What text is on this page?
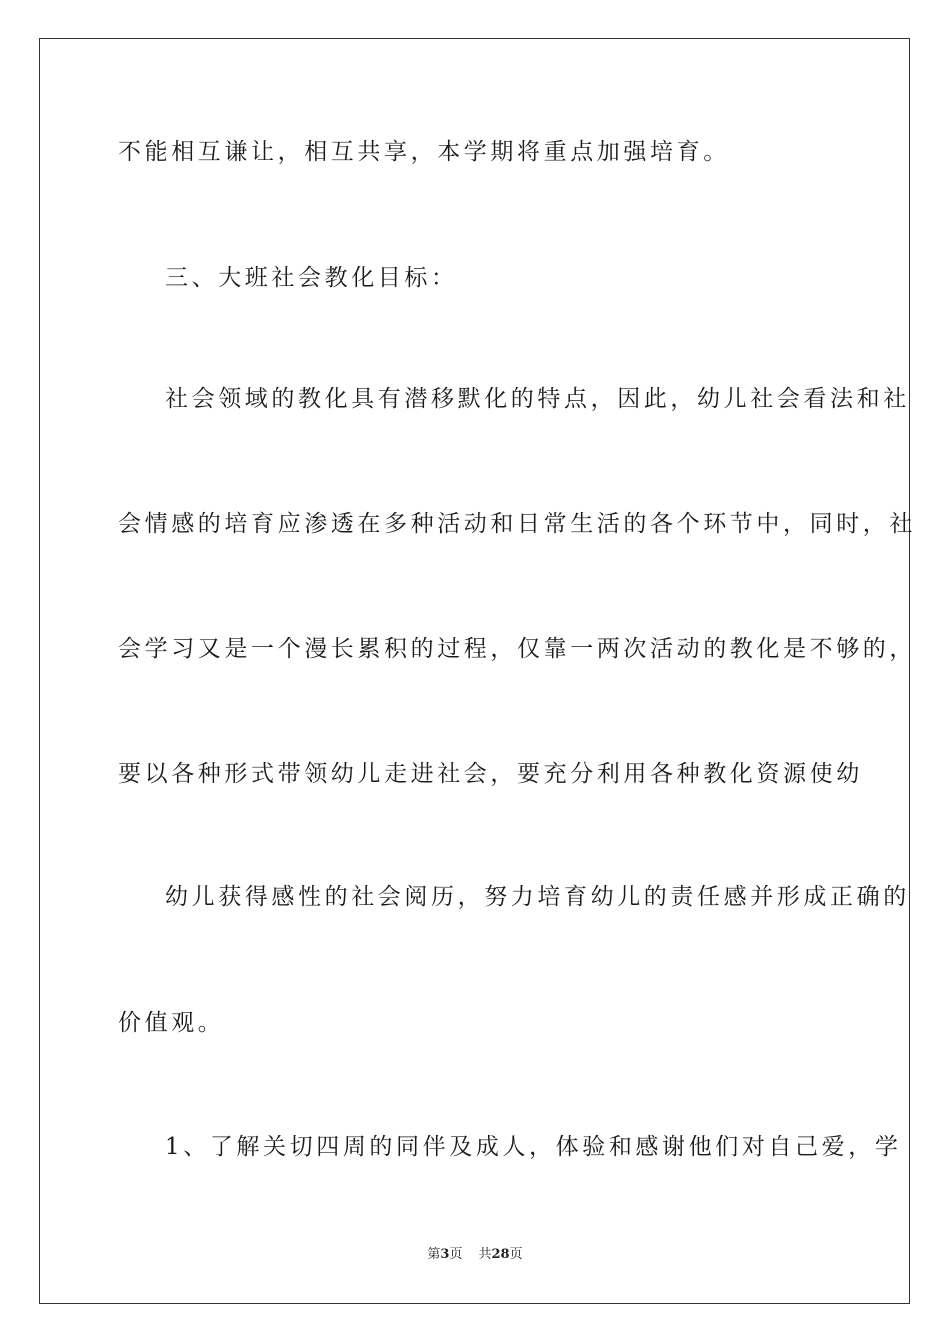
不能相互谦让，相互共享，本学期将重点加强培育。
三、大班社会教化目标：
社会领域的教化具有潜移默化的特点，因此，幼儿社会看法和社
会情感的培育应渗透在多种活动和日常生活的各个环节中，同时，社
会学习又是一个漫长累积的过程，仅靠一两次活动的教化是不够的，
要以各种形式带领幼儿走进社会，要充分利用各种教化资源使幼
幼儿获得感性的社会阅历，努力培育幼儿的责任感并形成正确的
价值观。
1、了解关切四周的同伴及成人，体验和感谢他们对自己爱，学
第3页 共28页
